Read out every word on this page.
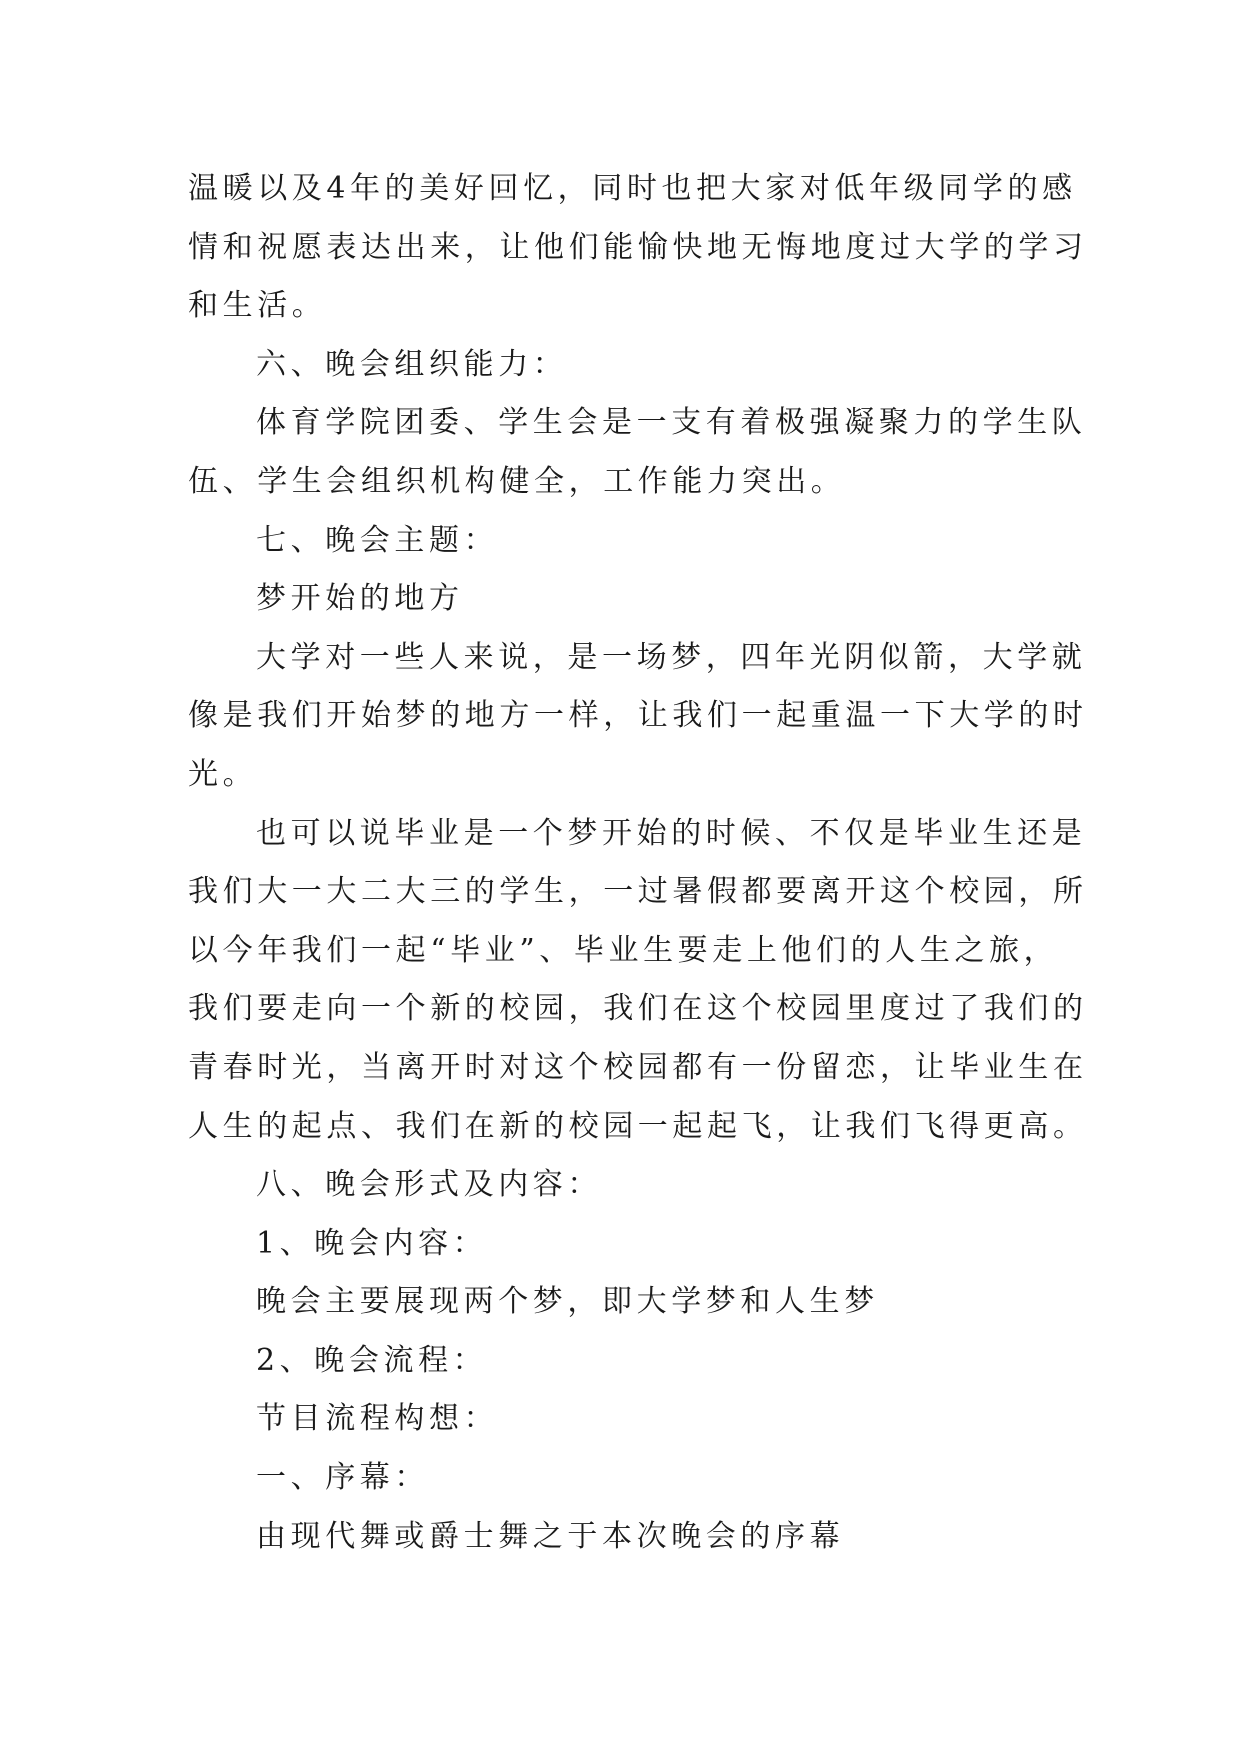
温暖以及4年的美好回忆，同时也把大家对低年级同学的感
情和祝愿表达出来，让他们能愉快地无悔地度过大学的学习
和生活。
六、晚会组织能力：
体育学院团委、学生会是一支有着极强凝聚力的学生队
伍、学生会组织机构健全，工作能力突出。
七、晚会主题：
梦开始的地方
大学对一些人来说，是一场梦，四年光阴似箭，大学就
像是我们开始梦的地方一样，让我们一起重温一下大学的时
光。
也可以说毕业是一个梦开始的时候、不仅是毕业生还是
我们大一大二大三的学生，一过暑假都要离开这个校园，所
以今年我们一起“毕业”、毕业生要走上他们的人生之旅，
我们要走向一个新的校园，我们在这个校园里度过了我们的
青春时光，当离开时对这个校园都有一份留恋，让毕业生在
人生的起点、我们在新的校园一起起飞，让我们飞得更高。
八、晚会形式及内容：
1、晚会内容：
晚会主要展现两个梦，即大学梦和人生梦
2、晚会流程：
节目流程构想：
一、序幕：
由现代舞或爵士舞之于本次晚会的序幕
